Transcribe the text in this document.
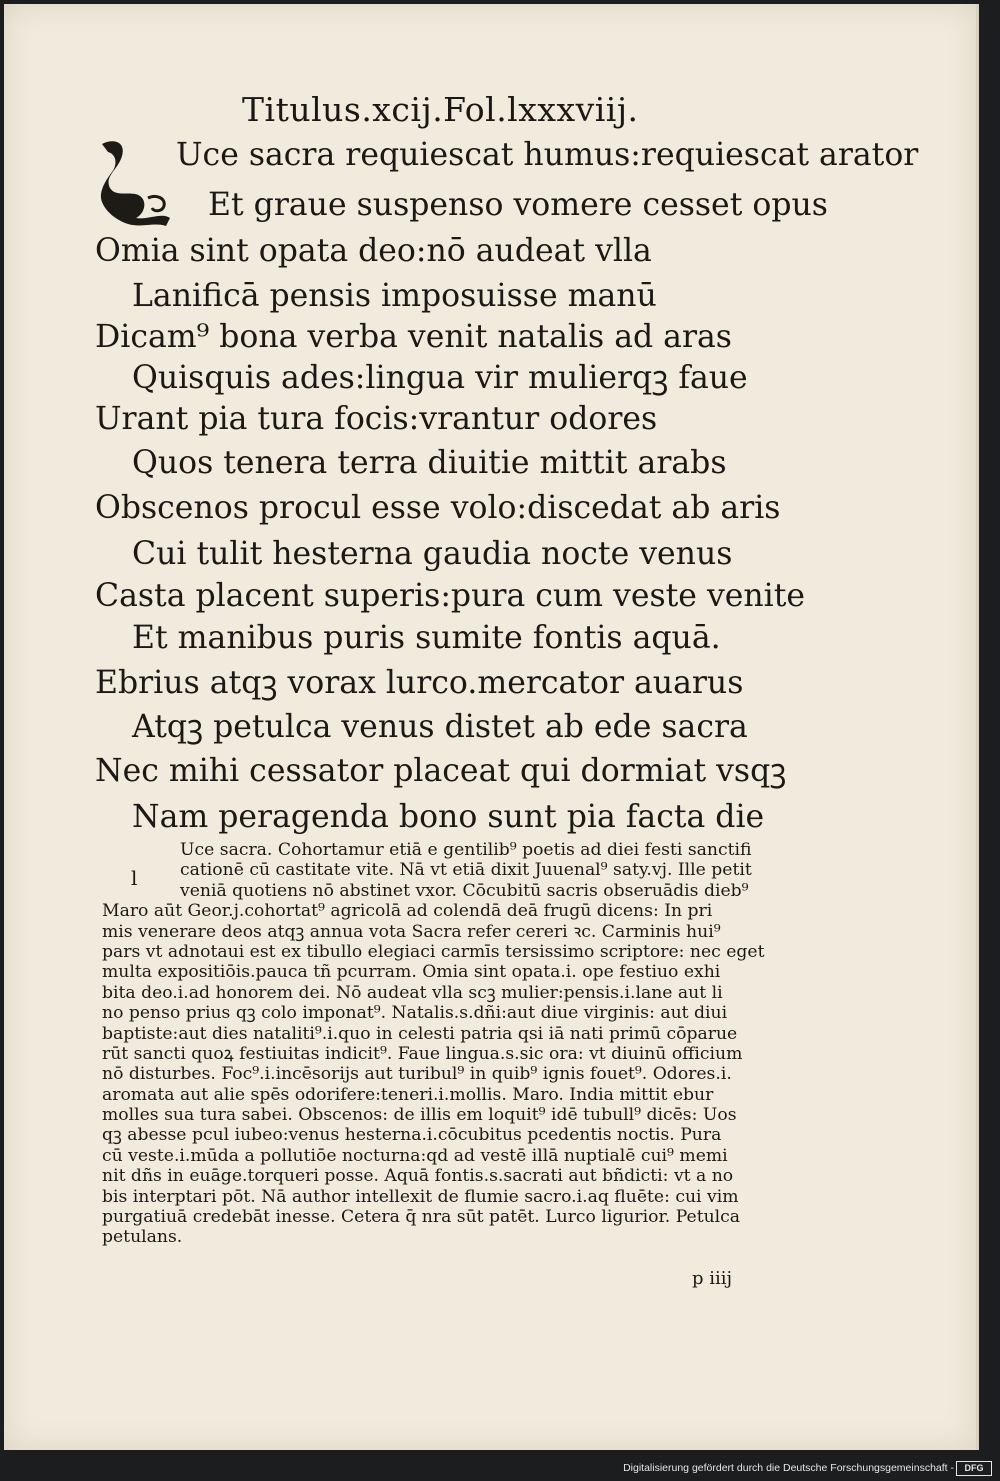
Titulus.xcij.Fol.lxxxviij.
Uce sacra requiescat humus:requiescat arator
Et graue suspenso vomere cesset opus
Omia sint opata deo:nō audeat vlla
Lanificā pensis imposuisse manū
Dicam⁹ bona verba venit natalis ad aras
Quisquis ades:lingua vir mulierqꝫ faue
Urant pia tura focis:vrantur odores
Quos tenera terra diuitie mittit arabs
Obscenos procul esse volo:discedat ab aris
Cui tulit hesterna gaudia nocte venus
Casta placent superis:pura cum veste venite
Et manibus puris sumite fontis aquā.
Ebrius atqꝫ vorax lurco.mercator auarus
Atqꝫ petulca venus distet ab ede sacra
Nec mihi cessator placeat qui dormiat vsqꝫ
Nam peragenda bono sunt pia facta die
l
Uce sacra. Cohortamur etiā e gentilib⁹ poetis ad diei festi sanctifi
cationē cū castitate vite. Nā vt etiā dixit Juuenal⁹ saty.vj. Ille petit
veniā quotiens nō abstinet vxor. Cōcubitū sacris obseruādis dieb⁹
Maro aūt Geor.j.cohortat⁹ agricolā ad colendā deā frugū dicens: In pri
mis venerare deos atqꝫ annua vota Sacra refer cereri ꝛc. Carminis hui⁹
pars vt adnotaui est ex tibullo elegiaci carmīs tersissimo scriptore: nec eget
multa expositiōis.pauca tñ pcurram. Omia sint opata.i. ope festiuo exhi
bita deo.i.ad honorem dei. Nō audeat vlla scꝫ mulier:pensis.i.lane aut li
no penso prius qꝫ colo imponat⁹. Natalis.s.dñi:aut diue virginis: aut diui
baptiste:aut dies nataliti⁹.i.quo in celesti patria qsi iā nati primū cōparue
rūt sancti quoꝝ festiuitas indicit⁹. Faue lingua.s.sic ora: vt diuinū officium
nō disturbes. Foc⁹.i.incēsorijs aut turibul⁹ in quib⁹ ignis fouet⁹. Odores.i.
aromata aut alie spēs odorifere:teneri.i.mollis. Maro. India mittit ebur
molles sua tura sabei. Obscenos: de illis em loquit⁹ idē tubull⁹ dicēs: Uos
qꝫ abesse pcul iubeo:venus hesterna.i.cōcubitus pcedentis noctis. Pura
cū veste.i.mūda a pollutiōe nocturna:qd ad vestē illā nuptialē cui⁹ memi
nit dñs in euāge.torqueri posse. Aquā fontis.s.sacrati aut bñdicti: vt a no
bis interptari pōt. Nā author intellexit de flumie sacro.i.aq fluēte: cui vim
purgatiuā credebāt inesse. Cetera q̄ nra sūt patēt. Lurco ligurior. Petulca
petulans.
p iiij
Digitalisierung gefördert durch die Deutsche Forschungsgemeinschaft -	DFG
